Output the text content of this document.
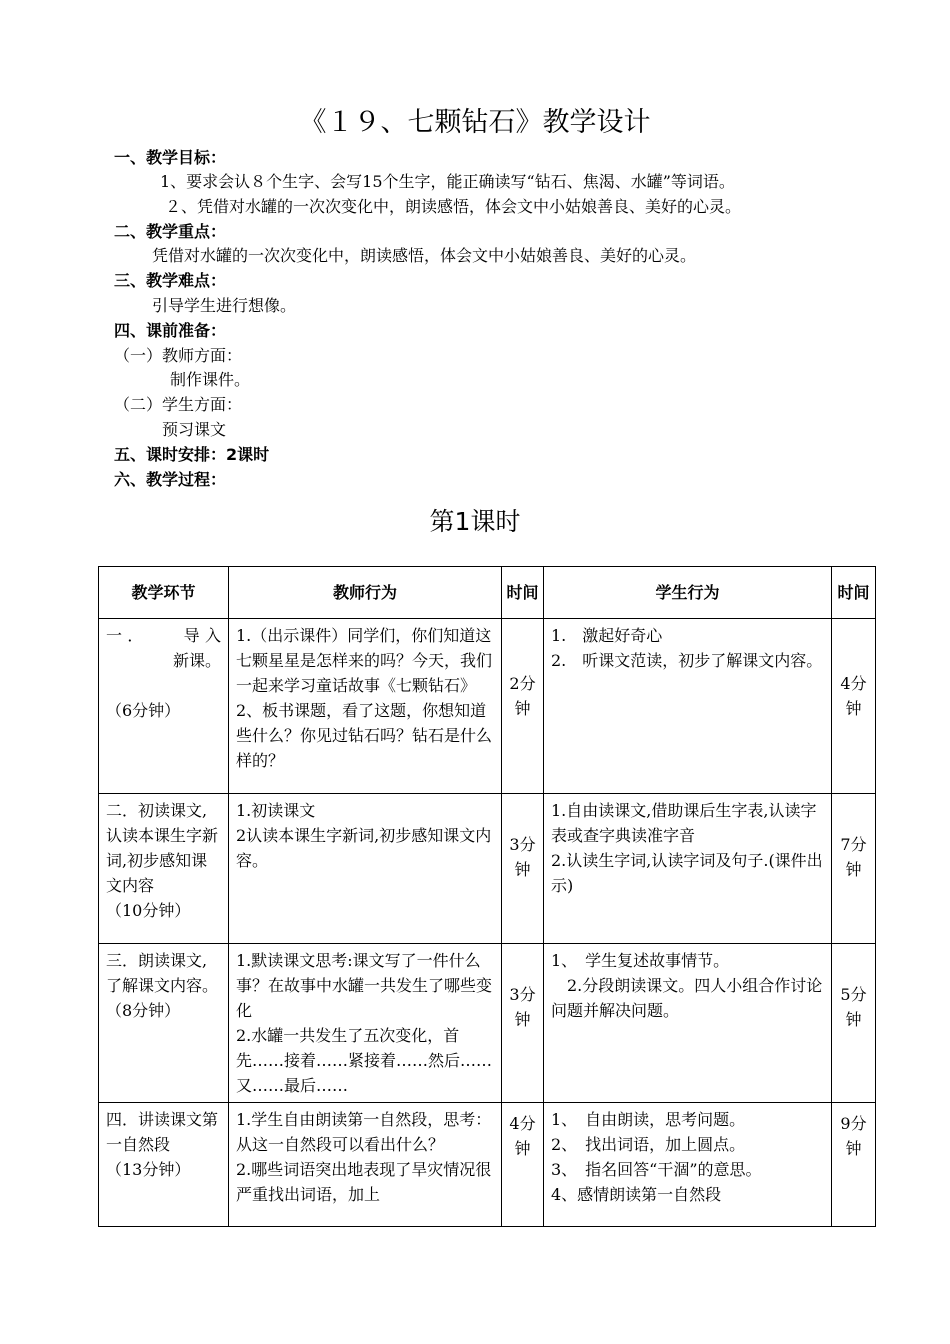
《１９、七颗钻石》教学设计
一、教学目标：
1、要求会认８个生字、会写15个生字，能正确读写“钻石、焦渴、水罐”等词语。
２、凭借对水罐的一次次变化中，朗读感悟，体会文中小姑娘善良、美好的心灵。
二、教学重点：
凭借对水罐的一次次变化中，朗读感悟，体会文中小姑娘善良、美好的心灵。
三、教学难点：
引导学生进行想像。
四、课前准备：
（一）教师方面：
制作课件。
（二）学生方面：
预习课文
五、课时安排：2课时
六、教学过程：
第1课时
教学环节	教师行为	时间	学生行为	时间

一．　　导入
新课。

（6分钟）	1.（出示课件）同学们，你们知道这七颗星星是怎样来的吗？今天，我们一起来学习童话故事《七颗钻石》
2、板书课题，看了这题，你想知道些什么？你见过钻石吗？钻石是什么样的？	2分钟	1.　激起好奇心
2.　听课文范读，初步了解课文内容。	4分钟

二．初读课文,认读本课生字新词,初步感知课文内容
（10分钟）	1.初读课文
2认读本课生字新词,初步感知课文内容。	3分钟	1.自由读课文,借助课后生字表,认读字表或查字典读准字音
2.认读生字词,认读字词及句子.(课件出示)	7分钟

三．朗读课文,了解课文内容。
（8分钟）	1.默读课文思考:课文写了一件什么事？在故事中水罐一共发生了哪些变化
2.水罐一共发生了五次变化，首先……接着……紧接着……然后……又……最后……	3分钟	1、　学生复述故事情节。
　2.分段朗读课文。四人小组合作讨论问题并解决问题。	5分钟

四．讲读课文第一自然段
（13分钟）	1.学生自由朗读第一自然段，思考：从这一自然段可以看出什么？
2.哪些词语突出地表现了旱灾情况很严重找出词语，加上	4分钟	1、　自由朗读，思考问题。
2、　找出词语，加上圆点。
3、　指名回答“干涸”的意思。
4、感情朗读第一自然段	9分钟
